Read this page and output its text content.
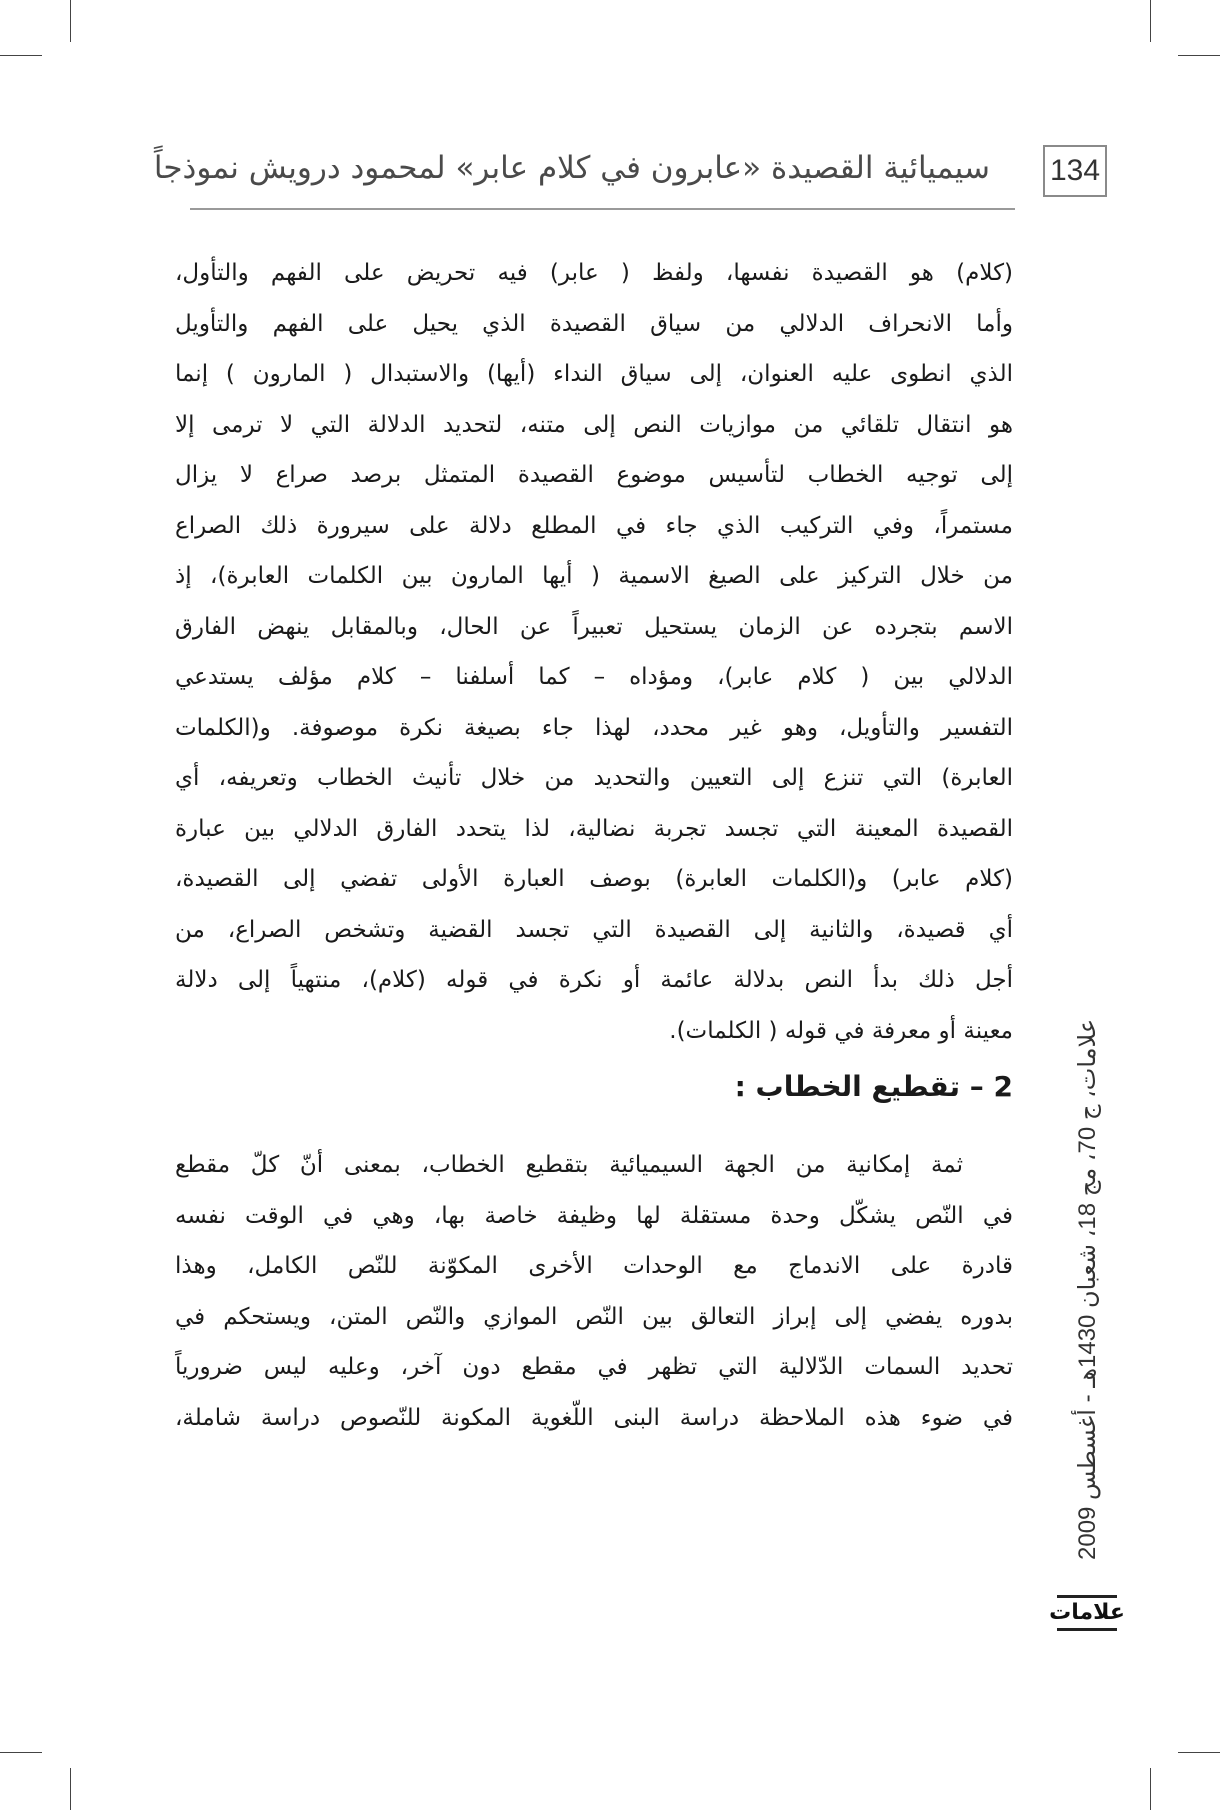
134
سيميائية القصيدة «عابرون في كلام عابر» لمحمود درويش نموذجاً
(كلام) هو القصيدة نفسها، ولفظ ( عابر) فيه تحريض على الفهم والتأول،
وأما الانحراف الدلالي من سياق القصيدة الذي يحيل على الفهم والتأويل
الذي انطوى عليه العنوان، إلى سياق النداء (أيها) والاستبدال ( المارون ) إنما
هو انتقال تلقائي من موازيات النص إلى متنه، لتحديد الدلالة التي لا ترمى إلا
إلى توجيه الخطاب لتأسيس موضوع القصيدة المتمثل برصد صراع لا يزال
مستمراً، وفي التركيب الذي جاء في المطلع دلالة على سيرورة ذلك الصراع
من خلال التركيز على الصيغ الاسمية ( أيها المارون بين الكلمات العابرة)، إذ
الاسم بتجرده عن الزمان يستحيل تعبيراً عن الحال، وبالمقابل ينهض الفارق
الدلالي بين ( كلام عابر)، ومؤداه – كما أسلفنا – كلام مؤلف يستدعي
التفسير والتأويل، وهو غير محدد، لهذا جاء بصيغة نكرة موصوفة. و(الكلمات
العابرة) التي تنزع إلى التعيين والتحديد من خلال تأنيث الخطاب وتعريفه، أي
القصيدة المعينة التي تجسد تجربة نضالية، لذا يتحدد الفارق الدلالي بين عبارة
(كلام عابر) و(الكلمات العابرة) بوصف العبارة الأولى تفضي إلى القصيدة،
أي قصيدة، والثانية إلى القصيدة التي تجسد القضية وتشخص الصراع، من
أجل ذلك بدأ النص بدلالة عائمة أو نكرة في قوله (كلام)، منتهياً إلى دلالة
معينة أو معرفة في قوله ( الكلمات).
2 – تقطيع الخطاب :
ثمة إمكانية من الجهة السيميائية بتقطيع الخطاب، بمعنى أنّ كلّ مقطع
في النّص يشكّل وحدة مستقلة لها وظيفة خاصة بها، وهي في الوقت نفسه
قادرة على الاندماج مع الوحدات الأخرى المكوّنة للنّص الكامل، وهذا
بدوره يفضي إلى إبراز التعالق بين النّص الموازي والنّص المتن، ويستحكم في
تحديد السمات الدّلالية التي تظهر في مقطع دون آخر، وعليه ليس ضرورياً
في ضوء هذه الملاحظة دراسة البنى اللّغوية المكونة للنّصوص دراسة شاملة،
علامات، ج 70، مج 18، شعبان 1430هـ - أغسطس 2009
علامات
